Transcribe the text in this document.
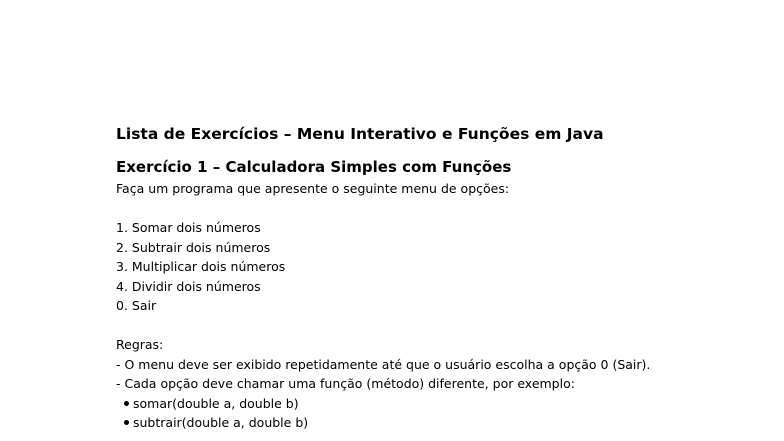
Lista de Exercícios – Menu Interativo e Funções em Java
Exercício 1 – Calculadora Simples com Funções

Faça um programa que apresente o seguinte menu de opções:

1. Somar dois números
2. Subtrair dois números
3. Multiplicar dois números
4. Dividir dois números
0. Sair

Regras:

- O menu deve ser exibido repetidamente até que o usuário escolha a opção 0 (Sair).

- Cada opção deve chamar uma função (método) diferente, por exemplo:

somar(double a, double b)
subtrair(double a, double b)
